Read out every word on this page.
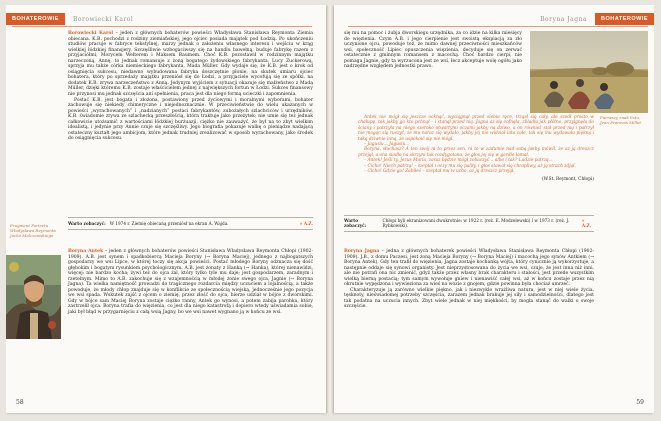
BOHATEROWIE	Borowiecki Karol

Borowiecki Karol – jeden z głównych bohaterów powieści Władysława Stanisława Reymonta Ziemia obiecana. K.B. pochodzi z rodziny ziemiańskiej, jego ojciec posiada majątek pod Łodzią. Po ukończeniu studiów pracuje w fabryce tekstylnej, marzy jednak o założeniu własnego interesu i wejściu w krąg wielkiej łódzkiej finansjery. Szczęśliwie wzbogaciwszy się na handlu bawełną, buduje fabrykę razem z przyjaciółmi, Morycem Welterem i Maksem Baumem. Choć K.B. pozostawił w rodzinnym majątku narzeczoną, Annę, to jednak romansuje z żoną bogatego żydowskiego fabrykanta, Lucy Zuckerową, sprzyja mu także córka niemieckiego fabrykanta, Mada Müller. Gdy wydaje się, że K.B. jest o krok od osiągnięcia sukcesu, niedawno wybudowana fabryka doszczętnie płonie, na skutek umiaru ojciec bohatera, który po sprzedaży majątku przeniósł się do Łodzi, a przyjaciele wycofują się ze spółki, na dodatek K.B. zrywa narzeczeństwo z Anną. Jedynym wyjściem z sytuacji okazuje się małżeństwo z Madą Müller, dzięki któremu K.B. zostaje właścicielem jednej z największych fortun w Łodzi. Sukces finansowy nie przynosi mu jednak szczęścia ani spełnienia, praca jest dla niego formą ucieczki i zapomnienia.

Postać K.B. jest bogata i złożona, postawiony przed życiowymi i moralnymi wyborami, bohater zachowuje się niekiedy chimeryczne i niejednoznacznie. W przeciwieństwie do wielu ukazanych w powieści „wyrachowanych” i „nadzianych” postaci fabrykantów, zubożałych szlachciców i urzędników, K.B. świadomie zrywa ze szlachecką przeszłością, która traktuje jako przeżytek; nie umie się też jednak całkowicie utożsamić z wartościami łódzkiej burżuazji, ciężko nie zauważyć, że był na to zbyt wielkim idealistą, i jedynie przy Annie czuje się szczęśliwy. Jego biografia pokazuje walkę o pieniądze nadającą ostateczny kształt jego ambicjom, które jednak trudniej zrealizować w sposób wyrachowany, jako środek do osiągnięcia sukcesu.

Warto zobaczyć: W 1974 r. Ziemię obiecaną przeniósł na ekran A. Wajda.	» A.Z.

Boryna Antek – jeden z głównych bohaterów powieści Stanisława Władysława Reymonta Chłopi (1902-1909). A.B. jest synem i spadkobiercą Macieja Boryny (→ Boryna Maciej), jednego z najbogatszych gospodarzy we wsi Lipce, w której toczy się akcja powieści. Postać młodego Boryny odznacza się dość głębokim i bogatym rysunkiem psychologicznym. A.B. jest żonaty z Hanką (→ Hanka), której nienawidzi, więcej: nie bardzo kocha; żywi też do ojca żal, który tylko tyle mu daje; jest gospodarzem, zaradnym i rzetelnym. Mimo to A.B. zakochuje się z wzajemnością w młodej żonie swego ojca, Jagnie (→ Boryna Jagna). Ta wielka namiętność prowadzi do tragicznego rozdarcia między uczuciem a lojalnością, a także powoduje, że młody chłop znajduje się w konflikcie ze społecznością wiejską, jednocześnie jego pozycja we wsi spada. Wskutek zajść z ojcem o ziemię, przez złość do ojca, bierze udział w bójce z dworskimi. Gdy w bójce sam Maciej Boryna zostaje ciężko ranny, Antek go wynosi, a potem zabija parobka, który zastrzelił ojca. Boryna trafia do więzienia, co jest dla niego katastrofą i dopiero wtedy uświadamia sobie, jaki był błąd w przygarnięciu z całą wsią Jagny, bo we wsi nawet wygnano ją w końcu ze wsi.

Fragment Portretu Władysława Reymonta Jacka Malczewskiego
58
Boryna Jagna	BOHATEROWIE

się mu na pomoc i żubja dworskiego urzędnika, za co idzie na kilka miesięcy do więzienia. Czym A.B. i jego cierpienie jest swoistą ekspiacją za zło uczynione ojcu, powoduje też, że mimo dawnej przeciwności mieszkańców wsi, społeczność Lipiec opuszczenia więzienia, decyduje się on zerwać ostatecznie z gminnym romansem z macochą. Choć bardzo cierpi, nie pomaga Jagnie, gdy ta wyrzucona jest ze wsi, łecz akceptuje wolę ogółu jako nadrzędne względem jednostki prawo.

Pierwszy znak listu, Jean Francois Millet

Antek nie mógł się jeszcze ocknąć, wyciągnął przed siebie ręce, trząsł się cały, ale szedł prosto w chałupę, tak jakby go kto pchnął – i stanął przed nią. Jagna aż się cofnęła, zbladła jak płótno, przylgnęła do ściany i patrzyła na niego szeroko otwartymi oczami jakby na dziwo, a on również stał przed nią i patrzył nie mogąc się ruszyć, że mu naraz się wydało, jakby jej nie widział lata całe, tak się mu wydawała piękną i taką dziwnie inną, że uspokoić się nie mógł.

– Jagusiu... Jagusiu...

Boryna, słuchasz? A ten swój ni to przez sen, ni to w zadumie nad sobą jakby mówił, że aż ją dreszcz przejął, a ona siadła na skrzyni tak rozdygotana, że głos jej się w gardle łamał.

– Antek! Jeśli ty, Jezus Maria, zaraz będzie mógł zobaczyć... albo i tak? Ludzie patrzą...

– Cicho! Niech patrzą! – szeptał i oczy mu się paliły, i głos stawał się chrapliwy, aż ją strach zdjął.

– Cicho! Gdzie go! Zabiłeś – szeptał mu w ucho, aż ją dreszcz przejął.

(W.St. Reymont, Chłopi)
Warto zobaczyć:
Chłopi byli ekranizowani dwukrotnie: w 1922 r. (reż. E. Modzelewski) i w 1973 r. (reż. J. Rybkowski).
» A.Z.

Boryna Jagna – jedna z głównych bohaterek powieści Władysława Stanisława Reymonta Chłopi (1902-1909). J.B., z domu Paczesi, jest żoną Macieja Boryny (→ Boryna Maciej) i macochą jego synów Antkiem (→ Boryna Antek), Gdy ten trafił do więzienia, Jagna zostaje kochanką wójta, który cynicznie ją wykorzystuje, a następnie oddaje się synowi organisty. Jest nieprzystosowana do życia we wsi, czuje, że jest inna niż inni, ale nie potrafi ona nic zmienić, gdyż także przez własny brak charakteru i stałości, jest przede wszystkim wielką bierną postacią; tym samym wywołuje gniew i nienawiść całej wsi, aż w końcu zostaje przez nią okrutnie wypędzona i wywieziona za wieś na wozie z gnojem, gdzie powinna była chociaż umrzeć.

Charakteryzuje ją zarówno wielkie piękno, jak i niezwykle wrażliwa natura, jest w niej wiele życia, tęsknoty, nieświadomej potrzeby szczęścia, zarazem jednak brakuje jej siły i samodzielności, dlatego jest tak podatna na uczucia innych. Zbyt wiele jednak w niej miękkości, by mogła stanąć do walki o swoje szczęście.

59
